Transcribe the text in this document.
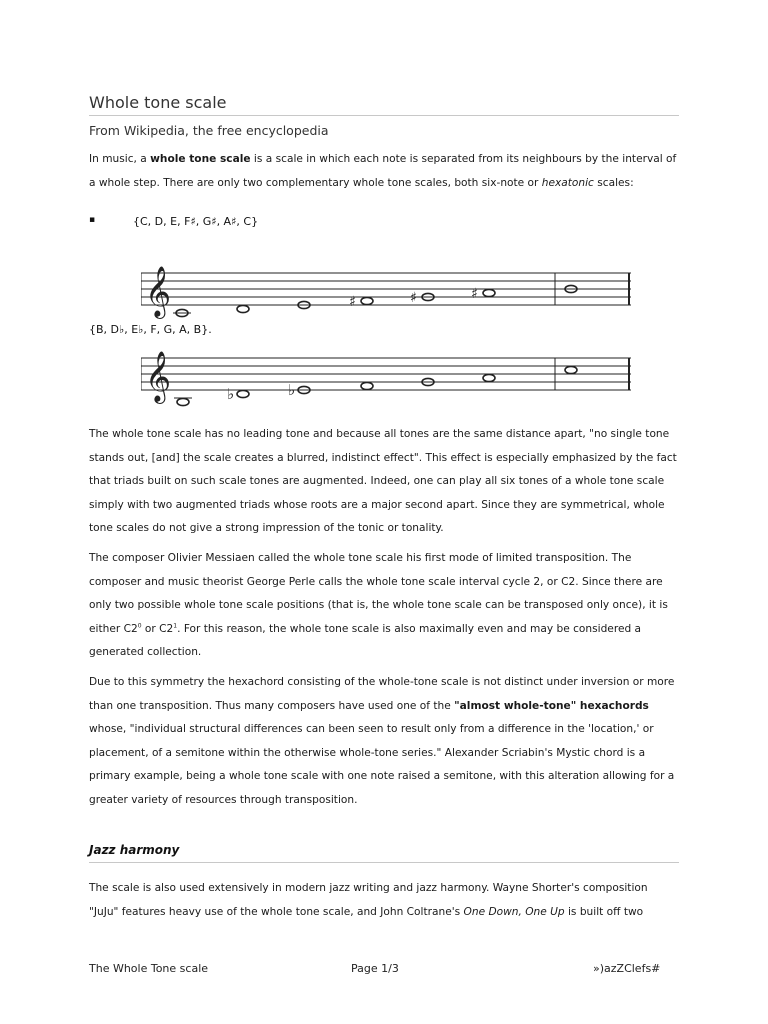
Whole tone scale
From Wikipedia, the free encyclopedia
In music, a whole tone scale is a scale in which each note is separated from its neighbours by the interval of a whole step. There are only two complementary whole tone scales, both six-note or hexatonic scales:
▪	{C, D, E, F♯, G♯, A♯, C}
𝄞	♯	♯	♯
{B, D♭, E♭, F, G, A, B}.
𝄞	♭	♭
The whole tone scale has no leading tone and because all tones are the same distance apart, "no single tone stands out, [and] the scale creates a blurred, indistinct effect". This effect is especially emphasized by the fact that triads built on such scale tones are augmented. Indeed, one can play all six tones of a whole tone scale simply with two augmented triads whose roots are a major second apart. Since they are symmetrical, whole tone scales do not give a strong impression of the tonic or tonality.
The composer Olivier Messiaen called the whole tone scale his first mode of limited transposition. The composer and music theorist George Perle calls the whole tone scale interval cycle 2, or C2. Since there are only two possible whole tone scale positions (that is, the whole tone scale can be transposed only once), it is either $C2^0$ or $C2^1$. For this reason, the whole tone scale is also maximally even and may be considered a generated collection.
Due to this symmetry the hexachord consisting of the whole-tone scale is not distinct under inversion or more than one transposition. Thus many composers have used one of the "almost whole-tone" hexachords whose, "individual structural differences can been seen to result only from a difference in the 'location,' or placement, of a semitone within the otherwise whole-tone series." Alexander Scriabin's Mystic chord is a primary example, being a whole tone scale with one note raised a semitone, with this alteration allowing for a greater variety of resources through transposition.
Jazz harmony
The scale is also used extensively in modern jazz writing and jazz harmony. Wayne Shorter's composition "JuJu" features heavy use of the whole tone scale, and John Coltrane's One Down, One Up is built off two
The Whole Tone scale	Page 1/3	»)azZClefs#
